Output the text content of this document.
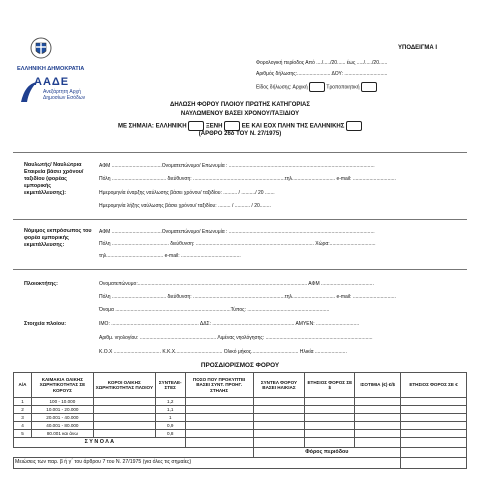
ΕΛΛΗΝΙΚΗ ΔΗΜΟΚΡΑΤΙΑ
ΑΑΔΕ
Ανεξάρτητη Αρχή
Δημοσίων Εσόδων
ΥΠΟΔΕΙΓΜΑ Ι
Φορολογική περίοδος Από ..../...../20...... έως ...../...../20......
Αριθμός δήλωσης:........................ ΔΟΥ: ...............................
Είδος δήλωσης: Αρχική	Τροποποιητική
ΔΗΛΩΣΗ ΦΟΡΟΥ ΠΛΟΙΟΥ ΠΡΩΤΗΣ ΚΑΤΗΓΟΡΙΑΣ
ΝΑΥΛΩΜΕΝΟΥ ΒΑΣΕΙ ΧΡΟΝΟΥ/ΤΑΞΙΔΙΟΥ
ΜΕ ΣΗΜΑΙΑ: ΕΛΛΗΝΙΚΗ	ΞΕΝΗ	ΕΕ ΚΑΙ ΕΟΧ ΠΛΗΝ ΤΗΣ ΕΛΛΗΝΙΚΗΣ
(ΑΡΘΡΟ 26δ ΤΟΥ Ν. 27/1975)
Ναυλωτής/ Ναυλώτρια Εταιρεία βάσει χρόνου/ ταξιδίου (φορέας εμπορικής εκμετάλλευσης):
ΑΦΜ ....................................Ονοματεπώνυμο/ Επωνυμία : .........................................................................................................
Πόλη ....................................... διεύθυνση: ..................................................................τηλ............................... e-mail: ...............................
Ημερομηνία έναρξης ναύλωσης βάσει χρόνου/ ταξιδίου: .......... / ........../ 20 .......
Ημερομηνία λήξης ναύλωσης βάσει χρόνου/ ταξιδίου: ......... / ........... / 20........
Νόμιμος εκπρόσωπος του φορέα εμπορικής εκμετάλλευσης:
ΑΦΜ ....................................Ονοματεπώνυμο/ Επωνυμία : .........................................................................................................
Πόλη ......................................... διεύθυνση: ..................................................................................... Χώρα:.................................
τηλ......................................... e-mail: ...........................................
Πλοιοκτήτης:	Ονοματεπώνυμο:.......................................................................................................................... ΑΦΜ ......................................
Πόλη ....................................... διεύθυνση: ..................................................................τηλ............................... e-mail: ...............................
Όνομα ...................................................................................Τύπος: ...........................................................
Στοιχεία πλοίου:	ΙΜΟ: ............................................................... ΔΔΣ: ........................................................... ΑΜΥΕΝ: ...............................
Αριθμ. νηολογίου: ....................................................... Λιμένας νηολόγησης: .............................................................................
Κ.Ο.Χ .................................. Κ.Κ.Χ.................................. Ολικό μήκος.................................. Ηλικία .......................
ΠΡΟΣΔΙΟΡΙΣΜΟΣ ΦΟΡΟΥ
Α/Α	ΚΛΙΜΑΚΙΑ ΟΛΙΚΗΣ ΧΩΡΗΤΙΚΟΤΗΤΑΣ ΣΕ ΚΟΡΟΥΣ	ΚΟΡΟΙ ΟΛΙΚΗΣ ΧΩΡΗΤΙΚΟΤΗΤΑΣ ΠΛΟΙΟΥ	ΣΥΝΤΕΛΕ-ΣΤΕΣ	ΠΟΣΟ ΠΟΥ ΠΡΟΚΥΠΤΕΙ ΒΑΣΕΙ ΣΥΝΤ. ΠΡΟΗΓ. ΣΤΗΛΗΣ	ΣΥΝΤΕΛ ΦΟΡΟΥ ΒΑΣΕΙ ΗΛΙΚΙΑΣ	ΕΤΗΣΙΟΣ ΦΟΡΟΣ ΣΕ $	ΙΣΟΤΙΜΙΑ (€) €/$	ΕΤΗΣΙΟΣ ΦΟΡΟΣ ΣΕ €
1	100 - 10.000		1,2					
2	10.001 - 20.000		1,1					
3	20.001 - 40.000		1					
4	40.001 - 80.000		0,9					
5	80.001 και άνω		0,8					
Σ Υ Ν Ο Λ Α								
					Φόρος περιόδου			
Μειώσεις των παρ. β ή γ΄ του άρθρου 7 του Ν. 27/1975 (για όλες τις σημαίες)								
